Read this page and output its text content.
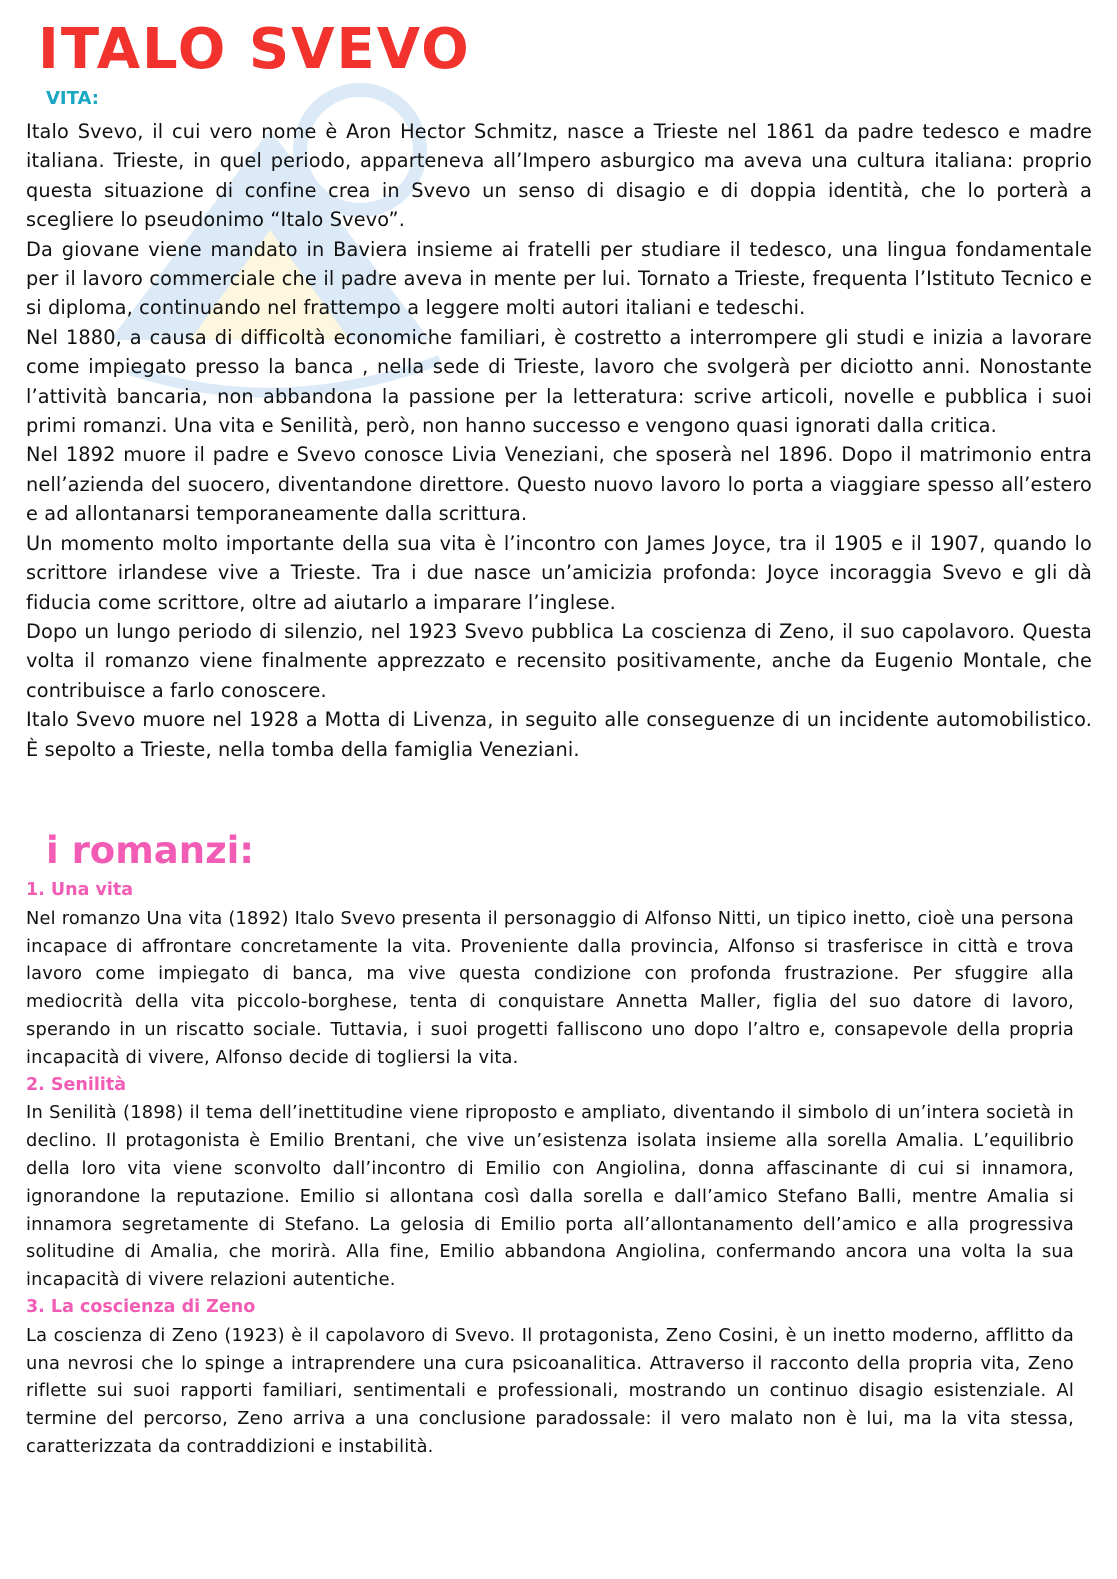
ITALO SVEVO
VITA:

Italo Svevo, il cui vero nome è Aron Hector Schmitz, nasce a Trieste nel 1861 da padre tedesco e madre italiana. Trieste, in quel periodo, apparteneva all’Impero asburgico ma aveva una cultura italiana: proprio questa situazione di confine crea in Svevo un senso di disagio e di doppia identità, che lo porterà a scegliere lo pseudonimo “Italo Svevo”.

Da giovane viene mandato in Baviera insieme ai fratelli per studiare il tedesco, una lingua fondamentale per il lavoro commerciale che il padre aveva in mente per lui. Tornato a Trieste, frequenta l’Istituto Tecnico e si diploma, continuando nel frattempo a leggere molti autori italiani e tedeschi.

Nel 1880, a causa di difficoltà economiche familiari, è costretto a interrompere gli studi e inizia a lavorare come impiegato presso la banca , nella sede di Trieste, lavoro che svolgerà per diciotto anni. Nonostante l’attività bancaria, non abbandona la passione per la letteratura: scrive articoli, novelle e pubblica i suoi primi romanzi. Una vita e Senilità, però, non hanno successo e vengono quasi ignorati dalla critica.

Nel 1892 muore il padre e Svevo conosce Livia Veneziani, che sposerà nel 1896. Dopo il matrimonio entra nell’azienda del suocero, diventandone direttore. Questo nuovo lavoro lo porta a viaggiare spesso all’estero e ad allontanarsi temporaneamente dalla scrittura.

Un momento molto importante della sua vita è l’incontro con James Joyce, tra il 1905 e il 1907, quando lo scrittore irlandese vive a Trieste. Tra i due nasce un’amicizia profonda: Joyce incoraggia Svevo e gli dà fiducia come scrittore, oltre ad aiutarlo a imparare l’inglese.

Dopo un lungo periodo di silenzio, nel 1923 Svevo pubblica La coscienza di Zeno, il suo capolavoro. Questa volta il romanzo viene finalmente apprezzato e recensito positivamente, anche da Eugenio Montale, che contribuisce a farlo conoscere.

Italo Svevo muore nel 1928 a Motta di Livenza, in seguito alle conseguenze di un incidente automobilistico. È sepolto a Trieste, nella tomba della famiglia Veneziani.

i romanzi:
1. Una vita

Nel romanzo Una vita (1892) Italo Svevo presenta il personaggio di Alfonso Nitti, un tipico inetto, cioè una persona incapace di affrontare concretamente la vita. Proveniente dalla provincia, Alfonso si trasferisce in città e trova lavoro come impiegato di banca, ma vive questa condizione con profonda frustrazione. Per sfuggire alla mediocrità della vita piccolo-borghese, tenta di conquistare Annetta Maller, figlia del suo datore di lavoro, sperando in un riscatto sociale. Tuttavia, i suoi progetti falliscono uno dopo l’altro e, consapevole della propria incapacità di vivere, Alfonso decide di togliersi la vita.

2. Senilità

In Senilità (1898) il tema dell’inettitudine viene riproposto e ampliato, diventando il simbolo di un’intera società in declino. Il protagonista è Emilio Brentani, che vive un’esistenza isolata insieme alla sorella Amalia. L’equilibrio della loro vita viene sconvolto dall’incontro di Emilio con Angiolina, donna affascinante di cui si innamora, ignorandone la reputazione. Emilio si allontana così dalla sorella e dall’amico Stefano Balli, mentre Amalia si innamora segretamente di Stefano. La gelosia di Emilio porta all’allontanamento dell’amico e alla progressiva solitudine di Amalia, che morirà. Alla fine, Emilio abbandona Angiolina, confermando ancora una volta la sua incapacità di vivere relazioni autentiche.

3. La coscienza di Zeno

La coscienza di Zeno (1923) è il capolavoro di Svevo. Il protagonista, Zeno Cosini, è un inetto moderno, afflitto da una nevrosi che lo spinge a intraprendere una cura psicoanalitica. Attraverso il racconto della propria vita, Zeno riflette sui suoi rapporti familiari, sentimentali e professionali, mostrando un continuo disagio esistenziale. Al termine del percorso, Zeno arriva a una conclusione paradossale: il vero malato non è lui, ma la vita stessa, caratterizzata da contraddizioni e instabilità.
